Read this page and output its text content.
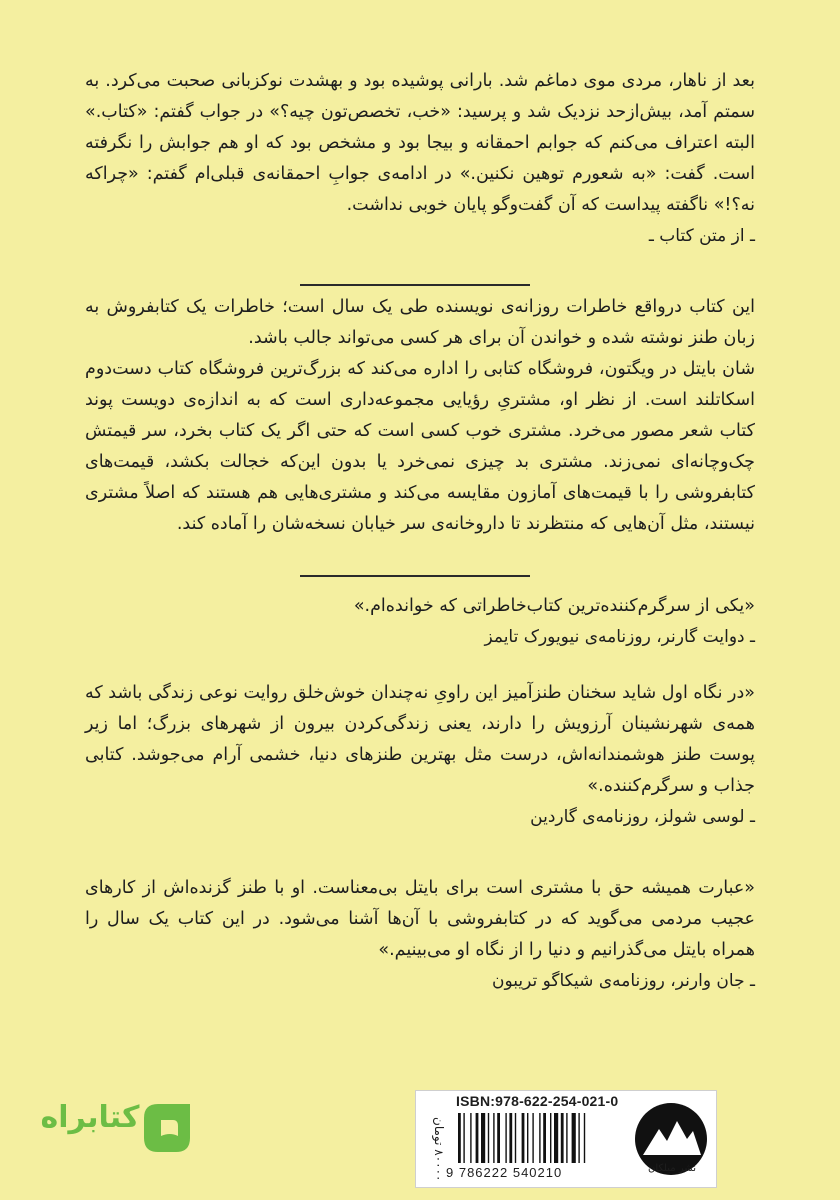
بعد از ناهار، مردی موی دماغم شد. بارانی پوشیده بود و بهشدت نوکزبانی صحبت می‌کرد. به سمتم آمد، بیش‌ازحد نزدیک شد و پرسید: «خب، تخصص‌تون چیه؟» در جواب گفتم: «کتاب.» البته اعتراف می‌کنم که جوابم احمقانه و بیجا بود و مشخص بود که او هم جوابش را نگرفته است. گفت: «به شعورم توهین نکنین.» در ادامه‌ی جوابِ احمقانه‌ی قبلی‌ام گفتم: «چراکه نه؟!» ناگفته پیداست که آن گفت‌وگو پایان خوبی نداشت.

ـ از متن کتاب ـ

این کتاب درواقع خاطرات روزانه‌ی نویسنده طی یک سال است؛ خاطرات یک کتابفروش به زبان طنز نوشته شده و خواندن آن برای هر کسی می‌تواند جالب باشد.

شان بایتل در ویگتون، فروشگاه کتابی را اداره می‌کند که بزرگ‌ترین فروشگاه کتاب دست‌دوم اسکاتلند است. از نظر او، مشتریِ رؤیایی مجموعه‌داری است که به اندازه‌ی دویست پوند کتاب شعر مصور می‌خرد. مشتری خوب کسی است که حتی اگر یک کتاب بخرد، سر قیمتش چک‌وچانه‌ای نمی‌زند. مشتری بد چیزی نمی‌خرد یا بدون این‌که خجالت بکشد، قیمت‌های کتابفروشی را با قیمت‌های آمازون مقایسه می‌کند و مشتری‌هایی هم هستند که اصلاً مشتری نیستند، مثل آن‌هایی که منتظرند تا داروخانه‌ی سر خیابان نسخه‌شان را آماده کند.

«یکی از سرگرم‌کننده‌ترین کتاب‌خاطراتی که خوانده‌ام.»

ـ دوایت گارنر، روزنامه‌ی نیویورک تایمز

«در نگاه اول شاید سخنان طنزآمیز این راویِ نه‌چندان خوش‌خلق روایت نوعی زندگی باشد که همه‌ی شهرنشینان آرزویش را دارند، یعنی زندگی‌کردن بیرون از شهرهای بزرگ؛ اما زیر پوست طنز هوشمندانه‌اش، درست مثل بهترین طنزهای دنیا، خشمی آرام می‌جوشد. کتابی جذاب و سرگرم‌کننده.»

ـ لوسی شولز، روزنامه‌ی گاردین

«عبارت همیشه حق با مشتری است برای بایتل بی‌معناست. او با طنز گزنده‌اش از کارهای عجیب مردمی می‌گوید که در کتابفروشی با آن‌ها آشنا می‌شود. در این کتاب یک سال را همراه بایتل می‌گذرانیم و دنیا را از نگاه او می‌بینیم.»

ـ جان وارنر، روزنامه‌ی شیکاگو تریبون

کتابراه	۸۰۰۰۰ تومان
ISBN:978-622-254-021-0
9 786222 540210	نشر میلکان
